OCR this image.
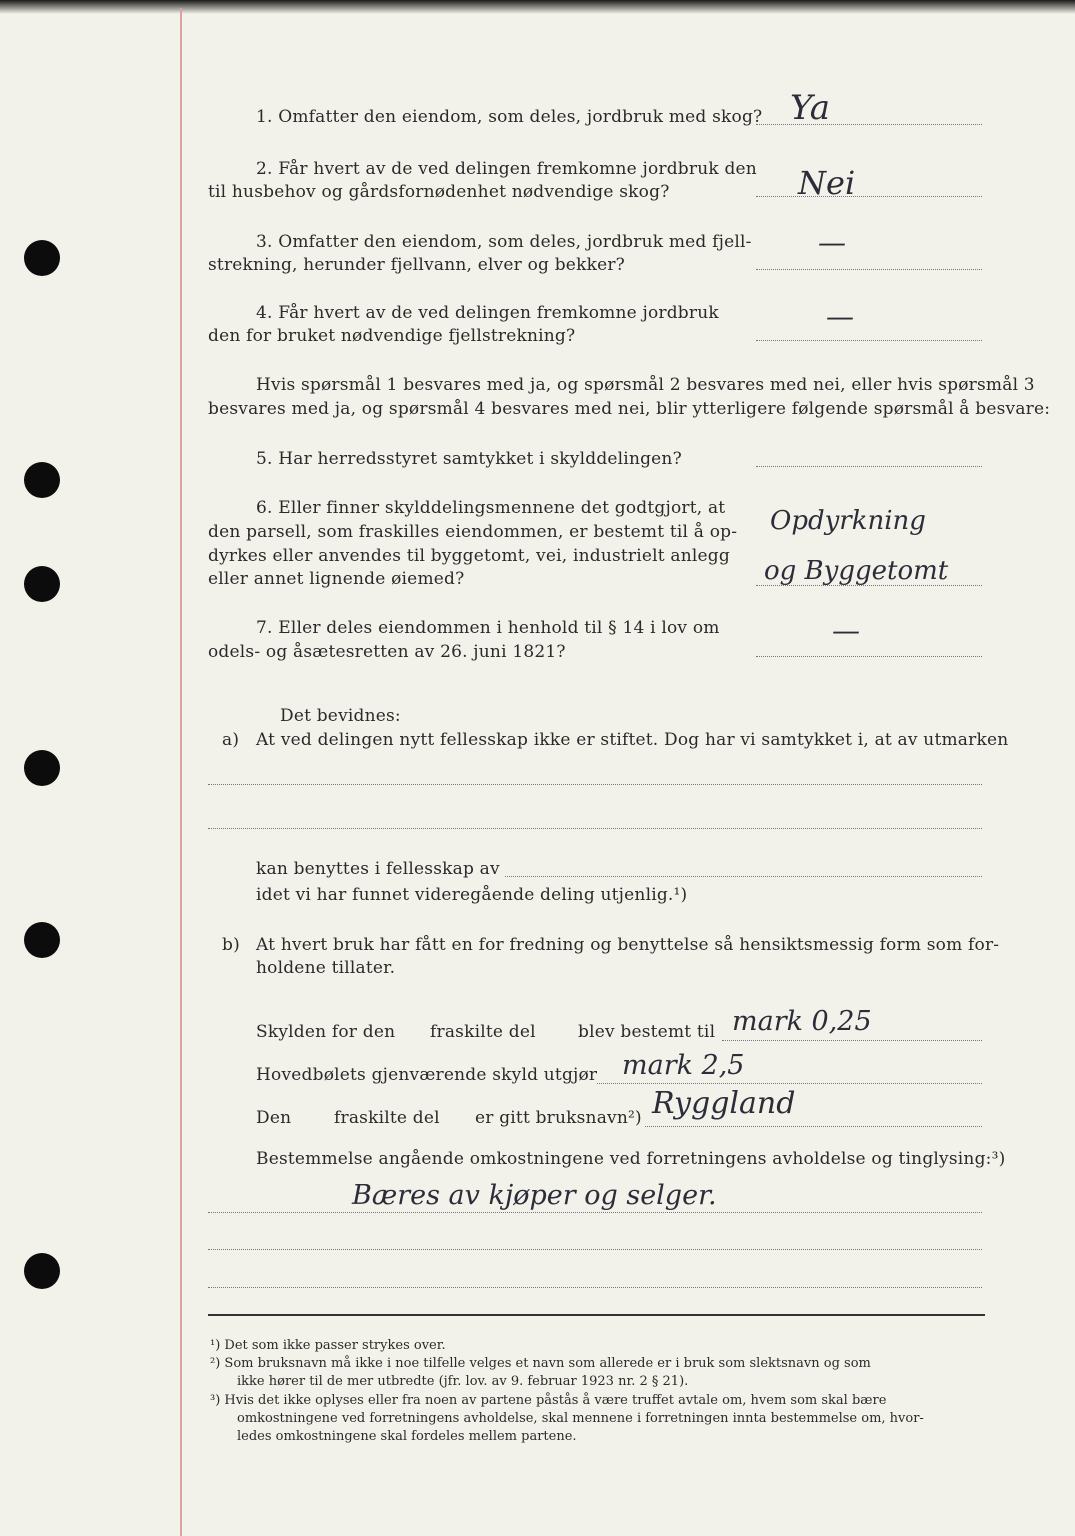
1. Omfatter den eiendom, som deles, jordbruk med skog? Ya
2. Får hvert av de ved delingen fremkomne jordbruk den
til husbehov og gårdsfornødenhet nødvendige skog?	Nei
3. Omfatter den eiendom, som deles, jordbruk med fjell-
strekning, herunder fjellvann, elver og bekker?
—
4. Får hvert av de ved delingen fremkomne jordbruk
den for bruket nødvendige fjellstrekning?
—
Hvis spørsmål 1 besvares med ja, og spørsmål 2 besvares med nei, eller hvis spørsmål 3
besvares med ja, og spørsmål 4 besvares med nei, blir ytterligere følgende spørsmål å besvare:
5. Har herredsstyret samtykket i skylddelingen?
6. Eller finner skylddelingsmennene det godtgjort, at
den parsell, som fraskilles eiendommen, er bestemt til å op-
dyrkes eller anvendes til byggetomt, vei, industrielt anlegg
eller annet lignende øiemed?
Opdyrkning
og Byggetomt
7. Eller deles eiendommen i henhold til § 14 i lov om
odels- og åsætesretten av 26. juni 1821?
—
Det bevidnes:
a) At ved delingen nytt fellesskap ikke er stiftet. Dog har vi samtykket i, at av utmarken
kan benyttes i fellesskap av
idet vi har funnet videregående deling utjenlig.¹)
b) At hvert bruk har fått en for fredning og benyttelse så hensiktsmessig form som for-
holdene tillater.
Skylden for den fraskilte del blev bestemt til mark 0,25
Hovedbølets gjenværende skyld utgjør mark 2,5
Den	fraskilte del er gitt bruksnavn²) Ryggland
Bestemmelse angående omkostningene ved forretningens avholdelse og tinglysing:³)
Bæres av kjøper og selger.
¹) Det som ikke passer strykes over.
²) Som bruksnavn må ikke i noe tilfelle velges et navn som allerede er i bruk som slektsnavn og som
ikke hører til de mer utbredte (jfr. lov. av 9. februar 1923 nr. 2 § 21).
³) Hvis det ikke oplyses eller fra noen av partene påstås å være truffet avtale om, hvem som skal bære
omkostningene ved forretningens avholdelse, skal mennene i forretningen innta bestemmelse om, hvor-
ledes omkostningene skal fordeles mellem partene.
